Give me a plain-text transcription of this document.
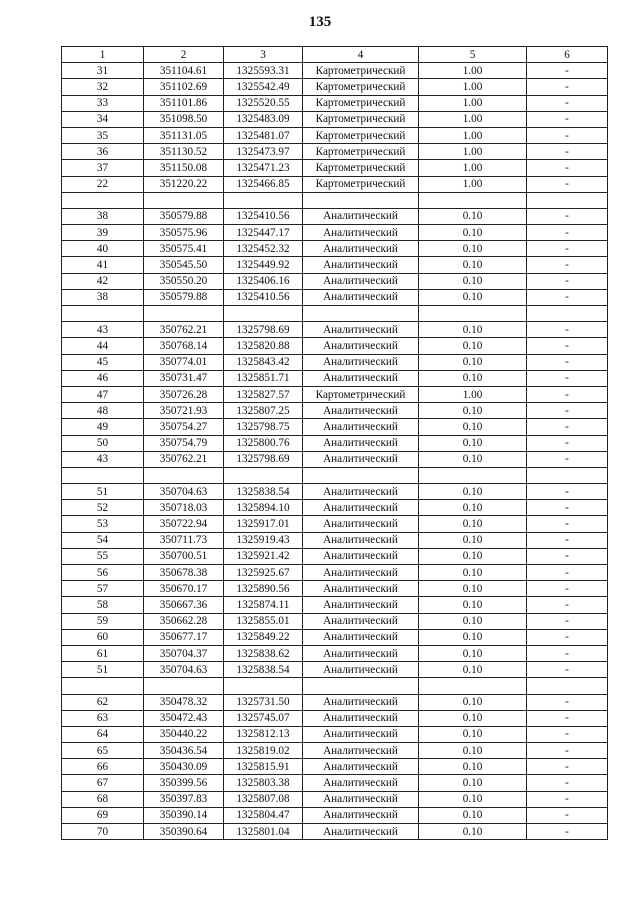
135
1	2	3	4	5	6
31	351104.61	1325593.31	Картометрический	1.00	-
32	351102.69	1325542.49	Картометрический	1.00	-
33	351101.86	1325520.55	Картометрический	1.00	-
34	351098.50	1325483.09	Картометрический	1.00	-
35	351131.05	1325481.07	Картометрический	1.00	-
36	351130.52	1325473.97	Картометрический	1.00	-
37	351150.08	1325471.23	Картометрический	1.00	-
22	351220.22	1325466.85	Картометрический	1.00	-

38	350579.88	1325410.56	Аналитический	0.10	-
39	350575.96	1325447.17	Аналитический	0.10	-
40	350575.41	1325452.32	Аналитический	0.10	-
41	350545.50	1325449.92	Аналитический	0.10	-
42	350550.20	1325406.16	Аналитический	0.10	-
38	350579.88	1325410.56	Аналитический	0.10	-

43	350762.21	1325798.69	Аналитический	0.10	-
44	350768.14	1325820.88	Аналитический	0.10	-
45	350774.01	1325843.42	Аналитический	0.10	-
46	350731.47	1325851.71	Аналитический	0.10	-
47	350726.28	1325827.57	Картометрический	1.00	-
48	350721.93	1325807.25	Аналитический	0.10	-
49	350754.27	1325798.75	Аналитический	0.10	-
50	350754.79	1325800.76	Аналитический	0.10	-
43	350762.21	1325798.69	Аналитический	0.10	-

51	350704.63	1325838.54	Аналитический	0.10	-
52	350718.03	1325894.10	Аналитический	0.10	-
53	350722.94	1325917.01	Аналитический	0.10	-
54	350711.73	1325919.43	Аналитический	0.10	-
55	350700.51	1325921.42	Аналитический	0.10	-
56	350678.38	1325925.67	Аналитический	0.10	-
57	350670.17	1325890.56	Аналитический	0.10	-
58	350667.36	1325874.11	Аналитический	0.10	-
59	350662.28	1325855.01	Аналитический	0.10	-
60	350677.17	1325849.22	Аналитический	0.10	-
61	350704.37	1325838.62	Аналитический	0.10	-
51	350704.63	1325838.54	Аналитический	0.10	-

62	350478.32	1325731.50	Аналитический	0.10	-
63	350472.43	1325745.07	Аналитический	0.10	-
64	350440.22	1325812.13	Аналитический	0.10	-
65	350436.54	1325819.02	Аналитический	0.10	-
66	350430.09	1325815.91	Аналитический	0.10	-
67	350399.56	1325803.38	Аналитический	0.10	-
68	350397.83	1325807.08	Аналитический	0.10	-
69	350390.14	1325804.47	Аналитический	0.10	-
70	350390.64	1325801.04	Аналитический	0.10	-
